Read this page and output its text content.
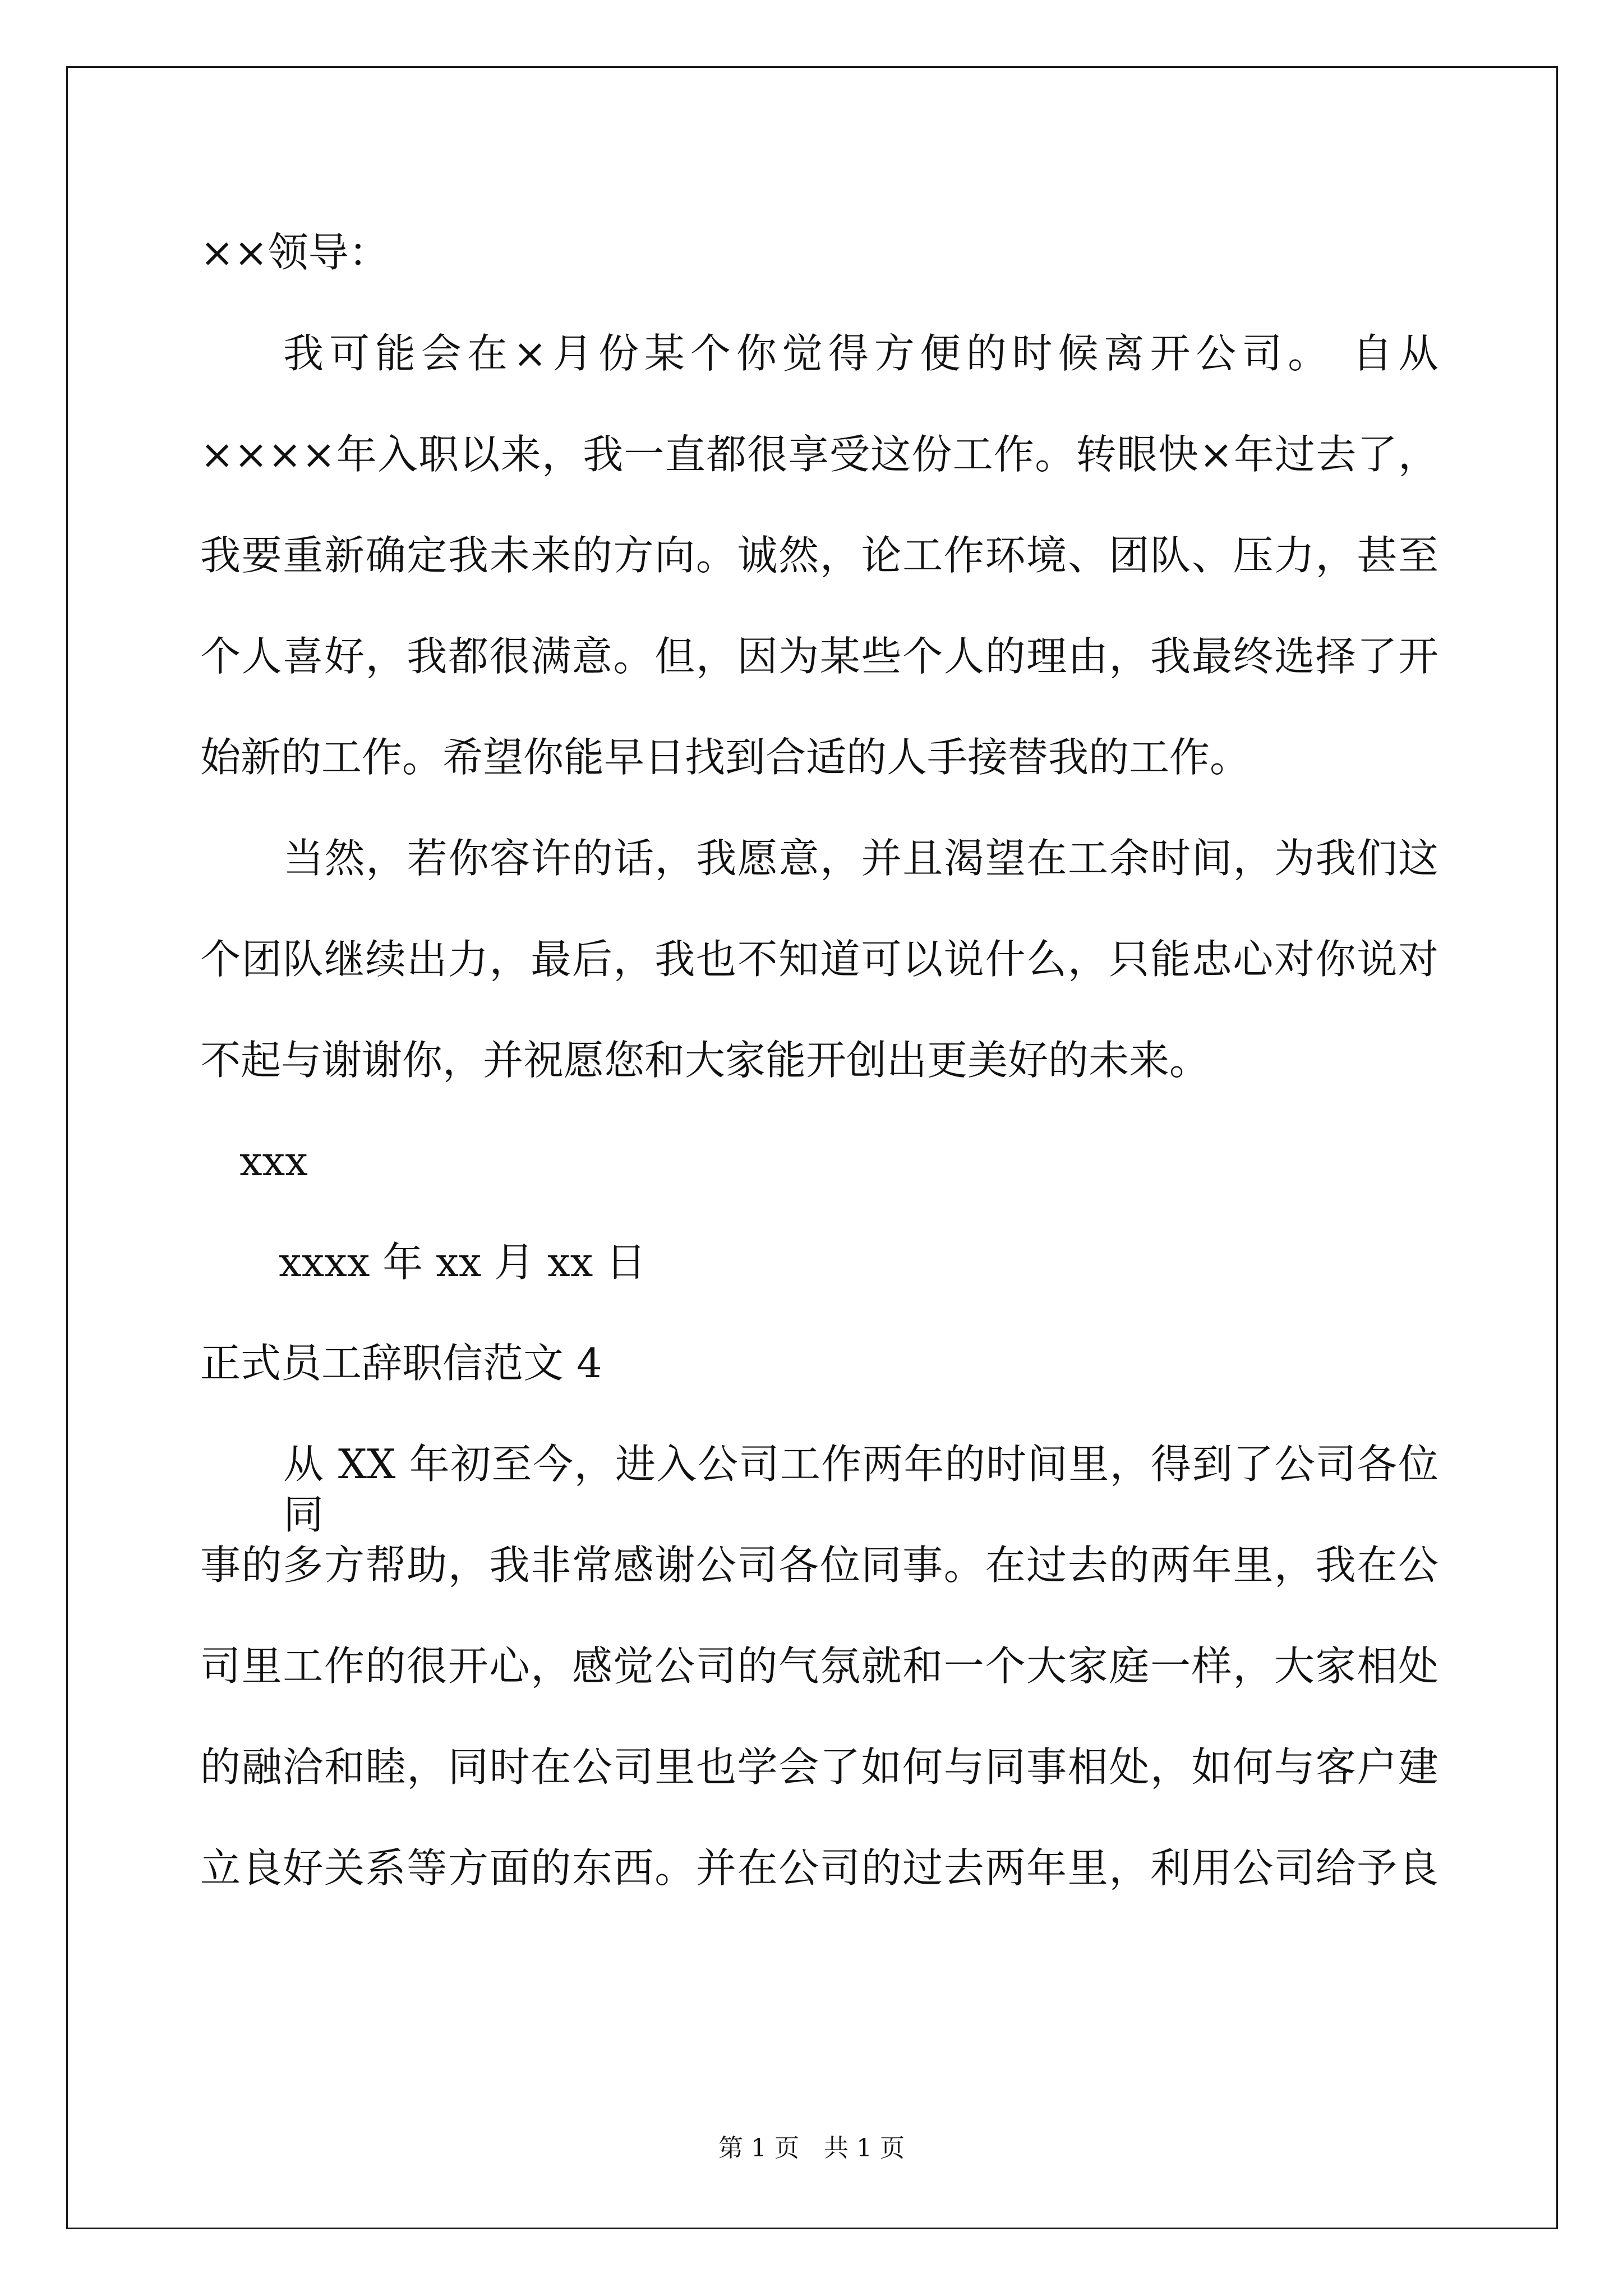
××领导：
我可能会在×月份某个你觉得方便的时候离开公司。 自从
××××年入职以来，我一直都很享受这份工作。转眼快×年过去了，
我要重新确定我未来的方向。诚然，论工作环境、团队、压力，甚至
个人喜好，我都很满意。但，因为某些个人的理由，我最终选择了开
始新的工作。希望你能早日找到合适的人手接替我的工作。
当然，若你容许的话，我愿意，并且渴望在工余时间，为我们这
个团队继续出力，最后，我也不知道可以说什么，只能忠心对你说对
不起与谢谢你，并祝愿您和大家能开创出更美好的未来。
xxx
xxxx 年 xx 月 xx 日
正式员工辞职信范文 4
从 XX 年初至今，进入公司工作两年的时间里，得到了公司各位同
事的多方帮助，我非常感谢公司各位同事。在过去的两年里，我在公
司里工作的很开心，感觉公司的气氛就和一个大家庭一样，大家相处
的融洽和睦，同时在公司里也学会了如何与同事相处，如何与客户建
立良好关系等方面的东西。并在公司的过去两年里，利用公司给予良
第 1 页　共 1 页
